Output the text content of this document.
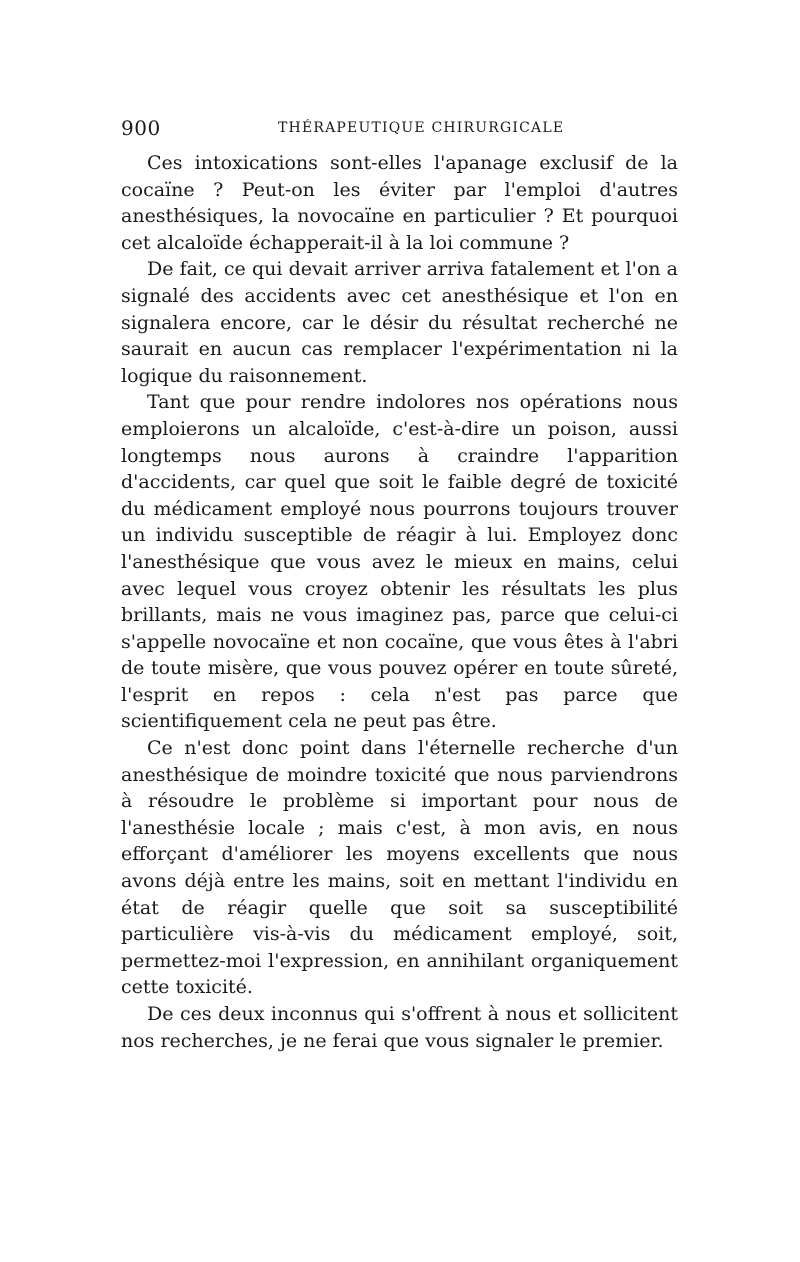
900	THÉRAPEUTIQUE CHIRURGICALE

Ces intoxications sont-elles l'apanage exclusif de la cocaïne ? Peut-on les éviter par l'emploi d'autres anesthésiques, la novocaïne en particulier ? Et pourquoi cet alcaloïde échapperait-il à la loi commune ?

De fait, ce qui devait arriver arriva fatalement et l'on a signalé des accidents avec cet anesthésique et l'on en signalera encore, car le désir du résultat recherché ne saurait en aucun cas remplacer l'expérimentation ni la logique du raisonnement.

Tant que pour rendre indolores nos opérations nous emploierons un alcaloïde, c'est-à-dire un poison, aussi longtemps nous aurons à craindre l'apparition d'accidents, car quel que soit le faible degré de toxicité du médicament employé nous pourrons toujours trouver un individu susceptible de réagir à lui. Employez donc l'anesthésique que vous avez le mieux en mains, celui avec lequel vous croyez obtenir les résultats les plus brillants, mais ne vous imaginez pas, parce que celui-ci s'appelle novocaïne et non cocaïne, que vous êtes à l'abri de toute misère, que vous pouvez opérer en toute sûreté, l'esprit en repos : cela n'est pas parce que scientifiquement cela ne peut pas être.

Ce n'est donc point dans l'éternelle recherche d'un anesthésique de moindre toxicité que nous parviendrons à résoudre le problème si important pour nous de l'anesthésie locale ; mais c'est, à mon avis, en nous efforçant d'améliorer les moyens excellents que nous avons déjà entre les mains, soit en mettant l'individu en état de réagir quelle que soit sa susceptibilité particulière vis-à-vis du médicament employé, soit, permettez-moi l'expression, en annihilant organiquement cette toxicité.

De ces deux inconnus qui s'offrent à nous et sollicitent nos recherches, je ne ferai que vous signaler le premier.
